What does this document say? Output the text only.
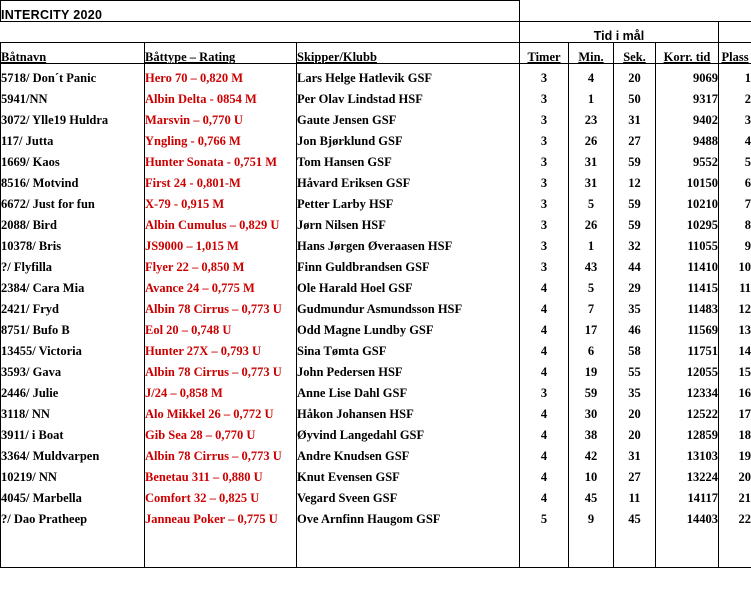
INTERCITY 2020							
			Tid i mål				
Båtnavn	Båttype – Rating	Skipper/Klubb	Timer	Min.	Sek.	Korr. tid	Plass
5718/ Don´t Panic	Hero 70 – 0,820 M	Lars Helge Hatlevik GSF	3	4	20	9069	1
5941/NN	Albin Delta - 0854 M	Per Olav Lindstad HSF	3	1	50	9317	2
3072/ Ylle19 Huldra	Marsvin – 0,770 U	Gaute Jensen GSF	3	23	31	9402	3
117/ Jutta	Yngling - 0,766 M	Jon Bjørklund GSF	3	26	27	9488	4
1669/ Kaos	Hunter Sonata - 0,751 M	Tom Hansen GSF	3	31	59	9552	5
8516/ Motvind	First 24 - 0,801-M	Håvard Eriksen GSF	3	31	12	10150	6
6672/ Just for fun	X-79 - 0,915 M	Petter Larby HSF	3	5	59	10210	7
2088/ Bird	Albin Cumulus – 0,829 U	Jørn Nilsen HSF	3	26	59	10295	8
10378/ Bris	JS9000 – 1,015 M	Hans Jørgen Øveraasen HSF	3	1	32	11055	9
?/ Flyfilla	Flyer 22 – 0,850 M	Finn Guldbrandsen GSF	3	43	44	11410	10
2384/ Cara Mia	Avance 24 – 0,775 M	Ole Harald Hoel GSF	4	5	29	11415	11
2421/ Fryd	Albin 78 Cirrus – 0,773 U	Gudmundur Asmundsson HSF	4	7	35	11483	12
8751/ Bufo B	Eol 20 – 0,748 U	Odd Magne Lundby GSF	4	17	46	11569	13
13455/ Victoria	Hunter 27X – 0,793 U	Sina Tømta GSF	4	6	58	11751	14
3593/ Gava	Albin 78 Cirrus – 0,773 U	John Pedersen HSF	4	19	55	12055	15
2446/ Julie	J/24 – 0,858 M	Anne Lise Dahl GSF	3	59	35	12334	16
3118/ NN	Alo Mikkel 26 – 0,772 U	Håkon Johansen HSF	4	30	20	12522	17
3911/ i Boat	Gib Sea 28 – 0,770 U	Øyvind Langedahl GSF	4	38	20	12859	18
3364/ Muldvarpen	Albin 78 Cirrus – 0,773 U	Andre Knudsen GSF	4	42	31	13103	19
10219/ NN	Benetau 311 – 0,880 U	Knut Evensen GSF	4	10	27	13224	20
4045/ Marbella	Comfort 32 – 0,825 U	Vegard Sveen GSF	4	45	11	14117	21
?/ Dao Pratheep	Janneau Poker – 0,775 U	Ove Arnfinn Haugom GSF	5	9	45	14403	22
